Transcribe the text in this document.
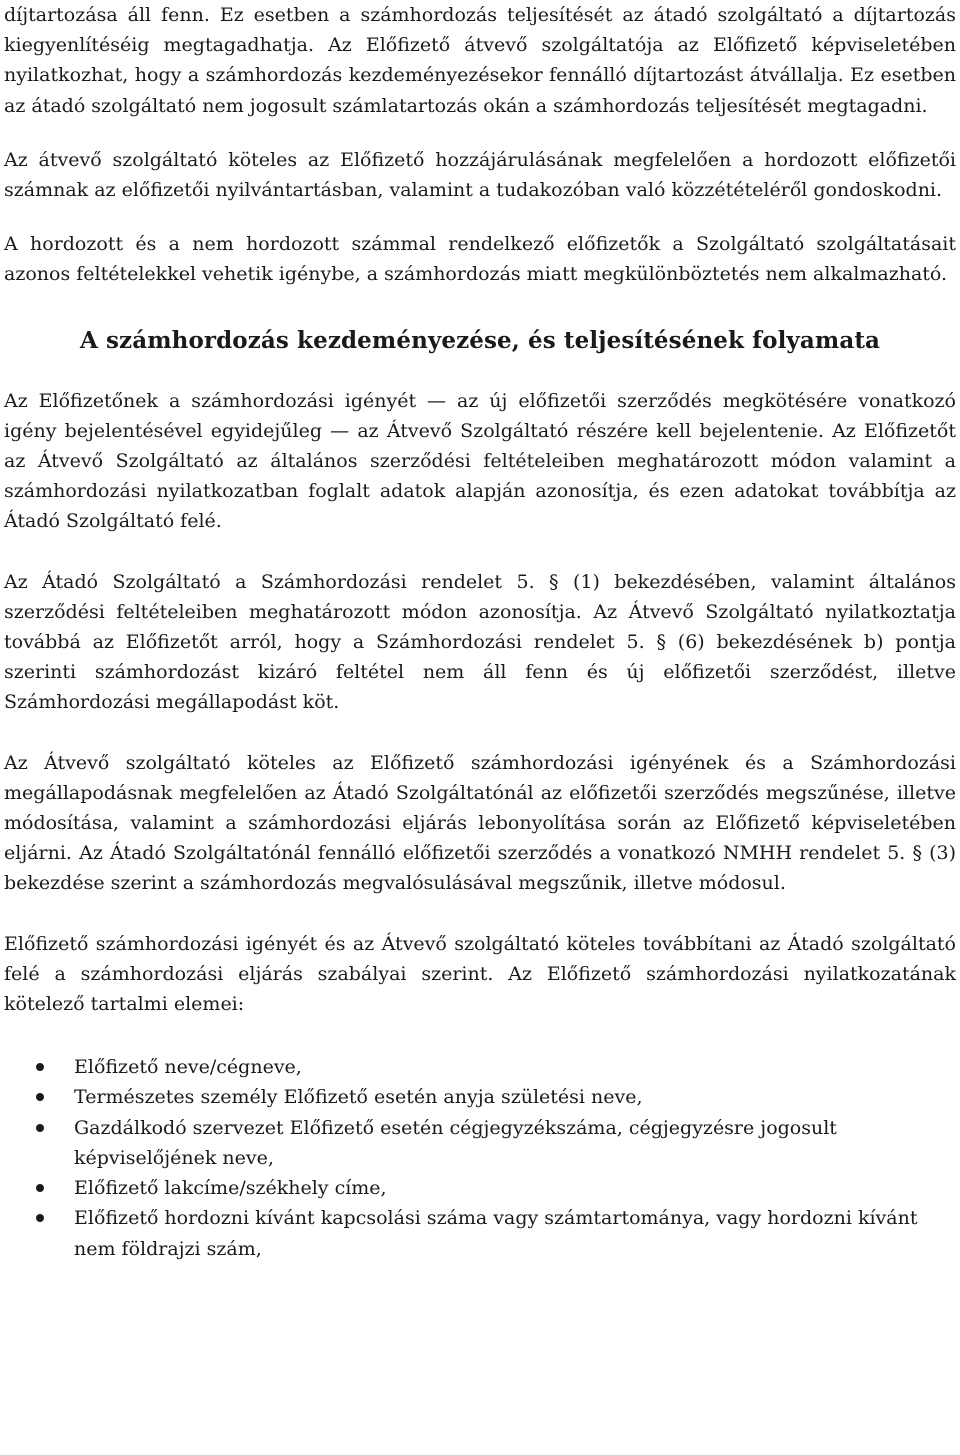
díjtartozása áll fenn. Ez esetben a számhordozás teljesítését az átadó szolgáltató a díjtartozás kiegyenlítéséig megtagadhatja. Az Előfizető átvevő szolgáltatója az Előfizető képviseletében nyilatkozhat, hogy a számhordozás kezdeményezésekor fennálló díjtartozást átvállalja. Ez esetben az átadó szolgáltató nem jogosult számlatartozás okán a számhordozás teljesítését megtagadni.

Az átvevő szolgáltató köteles az Előfizető hozzájárulásának megfelelően a hordozott előfizetői számnak az előfizetői nyilvántartásban, valamint a tudakozóban való közzétételéről gondoskodni.

A hordozott és a nem hordozott számmal rendelkező előfizetők a Szolgáltató szolgáltatásait azonos feltételekkel vehetik igénybe, a számhordozás miatt megkülönböztetés nem alkalmazható.

A számhordozás kezdeményezése, és teljesítésének folyamata

Az Előfizetőnek a számhordozási igényét — az új előfizetői szerződés megkötésére vonatkozó igény bejelentésével egyidejűleg — az Átvevő Szolgáltató részére kell bejelentenie. Az Előfizetőt az Átvevő Szolgáltató az általános szerződési feltételeiben meghatározott módon valamint a számhordozási nyilatkozatban foglalt adatok alapján azonosítja, és ezen adatokat továbbítja az Átadó Szolgáltató felé.

Az Átadó Szolgáltató a Számhordozási rendelet 5. § (1) bekezdésében, valamint általános szerződési feltételeiben meghatározott módon azonosítja. Az Átvevő Szolgáltató nyilatkoztatja továbbá az Előfizetőt arról, hogy a Számhordozási rendelet 5. § (6) bekezdésének b) pontja szerinti számhordozást kizáró feltétel nem áll fenn és új előfizetői szerződést, illetve Számhordozási megállapodást köt.

Az Átvevő szolgáltató köteles az Előfizető számhordozási igényének és a Számhordozási megállapodásnak megfelelően az Átadó Szolgáltatónál az előfizetői szerződés megszűnése, illetve módosítása, valamint a számhordozási eljárás lebonyolítása során az Előfizető képviseletében eljárni. Az Átadó Szolgáltatónál fennálló előfizetői szerződés a vonatkozó NMHH rendelet 5. § (3) bekezdése szerint a számhordozás megvalósulásával megszűnik, illetve módosul.

Előfizető számhordozási igényét és az Átvevő szolgáltató köteles továbbítani az Átadó szolgáltató felé a számhordozási eljárás szabályai szerint. Az Előfizető számhordozási nyilatkozatának kötelező tartalmi elemei:

Előfizető neve/cégneve,
Természetes személy Előfizető esetén anyja születési neve,
Gazdálkodó szervezet Előfizető esetén cégjegyzékszáma, cégjegyzésre jogosult képviselőjének neve,
Előfizető lakcíme/székhely címe,
Előfizető hordozni kívánt kapcsolási száma vagy számtartománya, vagy hordozni kívánt nem földrajzi szám,
